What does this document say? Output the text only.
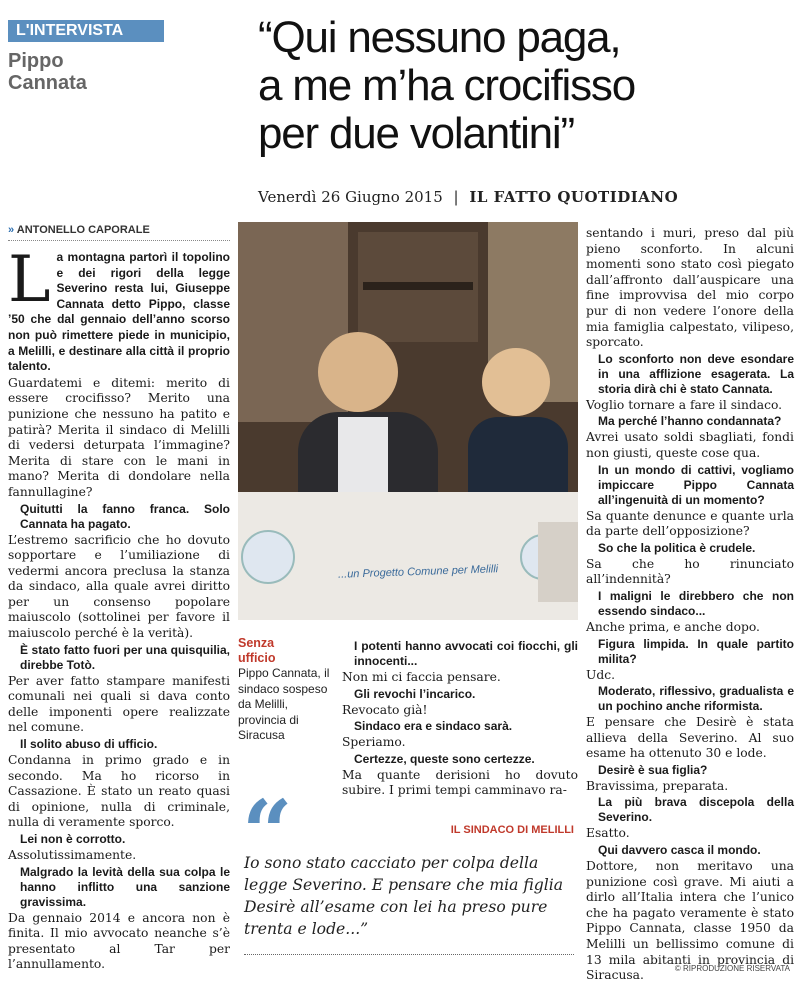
L'INTERVISTA
Pippo
Cannata
“Qui nessuno paga,
a me m’ha crocifisso
per due volantini”
Venerdì 26 Giugno 2015 | IL FATTO QUOTIDIANO
» ANTONELLO CAPORALE

La montagna partorì il topolino e dei rigori della legge Severino resta lui, Giuseppe Cannata detto Pippo, classe ’50 che dal gennaio dell’anno scorso non può rimettere piede in municipio, a Melilli, e destinare alla città il proprio talento.

Guardatemi e ditemi: merito di essere crocifisso? Merito una punizione che nessuno ha patito e patirà? Merita il sindaco di Melilli di vedersi deturpata l’immagine? Merita di stare con le mani in mano? Merita di dondolare nella fannullagine?

Quitutti la fanno franca. Solo Cannata ha pagato.

L’estremo sacrificio che ho dovuto sopportare e l’umiliazione di vedermi ancora preclusa la stanza da sindaco, alla quale avrei diritto per un consenso popolare maiuscolo (sottolinei per favore il maiuscolo perché è la verità).

È stato fatto fuori per una quisquilia, direbbe Totò.

Per aver fatto stampare manifesti comunali nei quali si dava conto delle imponenti opere realizzate nel comune.

Il solito abuso di ufficio.

Condanna in primo grado e in secondo. Ma ho ricorso in Cassazione. È stato un reato quasi di opinione, nulla di criminale, nulla di veramente sporco.

Lei non è corrotto.

Assolutissimamente.

Malgrado la levità della sua colpa le hanno inflitto una sanzione gravissima.

Da gennaio 2014 e ancora non è finita. Il mio avvocato neanche s’è presentato al Tar per l’annullamento.

...un Progetto Comune per Melilli
Senza
ufficio
Pippo Cannata, il sindaco sospeso da Melilli, provincia di Siracusa

I potenti hanno avvocati coi fiocchi, gli innocenti...

Non mi ci faccia pensare.

Gli revochi l’incarico.

Revocato già!

Sindaco era e sindaco sarà.

Speriamo.

Certezze, queste sono certezze.

Ma quante derisioni ho dovuto subire. I primi tempi camminavo ra-

sentando i muri, preso dal più pieno sconforto. In alcuni momenti sono stato così piegato dall’affronto dall’auspicare una fine improvvisa del mio corpo pur di non vedere l’onore della mia famiglia calpestato, vilipeso, sporcato.

Lo sconforto non deve esondare in una afflizione esagerata. La storia dirà chi è stato Cannata.

Voglio tornare a fare il sindaco.

Ma perché l’hanno condannata?

Avrei usato soldi sbagliati, fondi non giusti, queste cose qua.

In un mondo di cattivi, vogliamo impiccare Pippo Cannata all’ingenuità di un momento?

Sa quante denunce e quante urla da parte dell’opposizione?

So che la politica è crudele.

Sa che ho rinunciato all’indennità?

I maligni le direbbero che non essendo sindaco...

Anche prima, e anche dopo.

Figura limpida. In quale partito milita?

Udc.

Moderato, riflessivo, gradualista e un pochino anche riformista.

E pensare che Desirè è stata allieva della Severino. Al suo esame ha ottenuto 30 e lode.

Desirè è sua figlia?

Bravissima, preparata.

La più brava discepola della Severino.

Esatto.

Qui davvero casca il mondo.

Dottore, non meritavo una punizione così grave. Mi aiuti a dirlo all’Italia intera che l’unico che ha pagato veramente è stato Pippo Cannata, classe 1950 da Melilli un bellissimo comune di 13 mila abitanti in provincia di Siracusa.

“	IL SINDACO DI MELILLI
Io sono stato cacciato per colpa della legge Severino. E pensare che mia figlia Desirè all’esame con lei ha preso pure trenta e lode...”
© RIPRODUZIONE RISERVATA
